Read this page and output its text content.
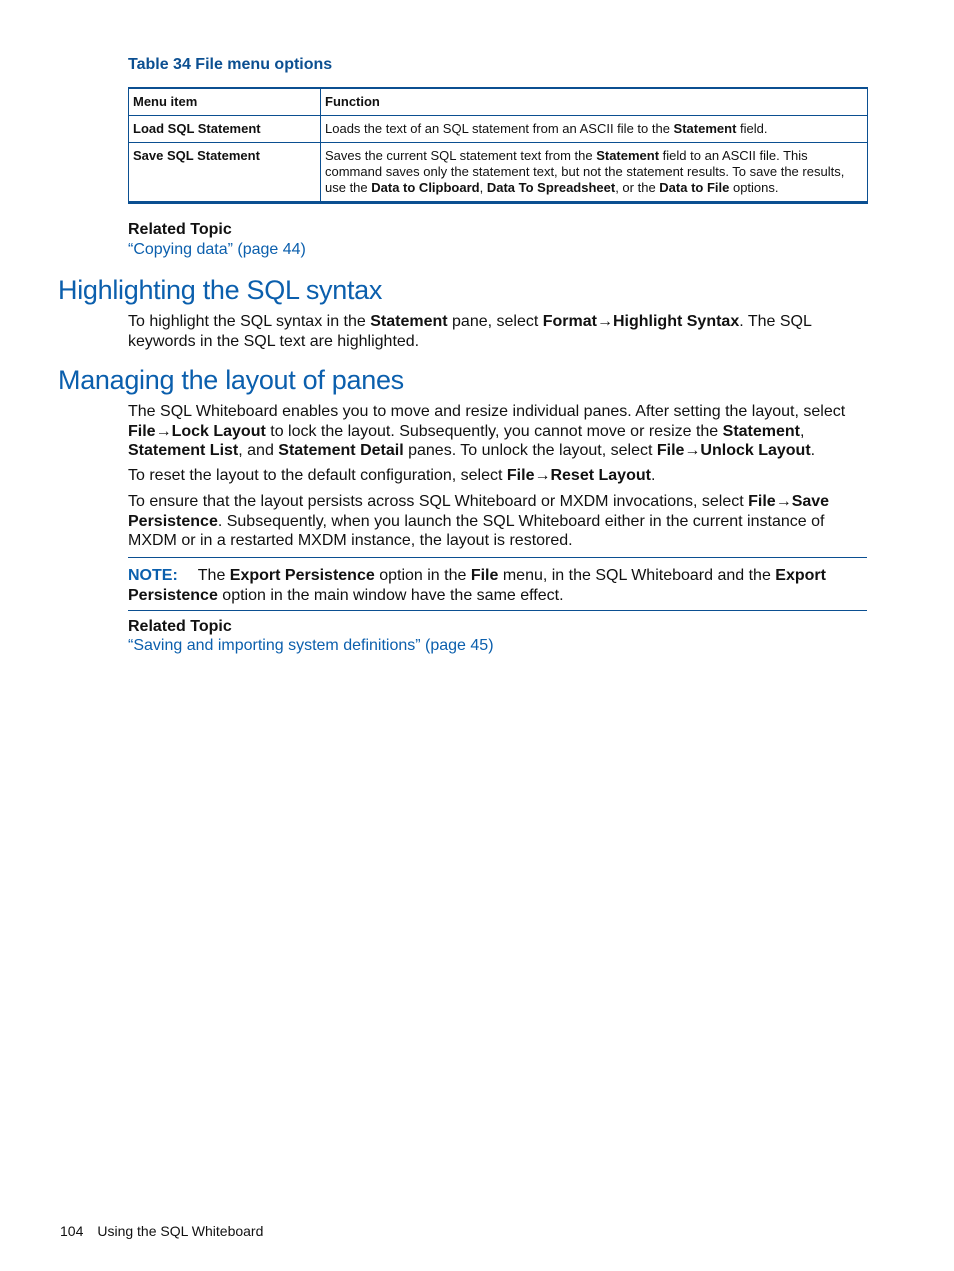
Table 34 File menu options
Menu item	Function
Load SQL Statement	Loads the text of an SQL statement from an ASCII file to the Statement field.
Save SQL Statement	Saves the current SQL statement text from the Statement field to an ASCII file. This command saves only the statement text, but not the statement results. To save the results, use the Data to Clipboard, Data To Spreadsheet, or the Data to File options.
Related Topic
“Copying data” (page 44)
Highlighting the SQL syntax
To highlight the SQL syntax in the Statement pane, select Format→Highlight Syntax. The SQL keywords in the SQL text are highlighted.
Managing the layout of panes
The SQL Whiteboard enables you to move and resize individual panes. After setting the layout, select File→Lock Layout to lock the layout. Subsequently, you cannot move or resize the Statement, Statement List, and Statement Detail panes. To unlock the layout, select File→Unlock Layout.
To reset the layout to the default configuration, select File→Reset Layout.
To ensure that the layout persists across SQL Whiteboard or MXDM invocations, select File→Save Persistence. Subsequently, when you launch the SQL Whiteboard either in the current instance of MXDM or in a restarted MXDM instance, the layout is restored.
NOTE: The Export Persistence option in the File menu, in the SQL Whiteboard and the Export Persistence option in the main window have the same effect.
Related Topic
“Saving and importing system definitions” (page 45)
104 Using the SQL Whiteboard
